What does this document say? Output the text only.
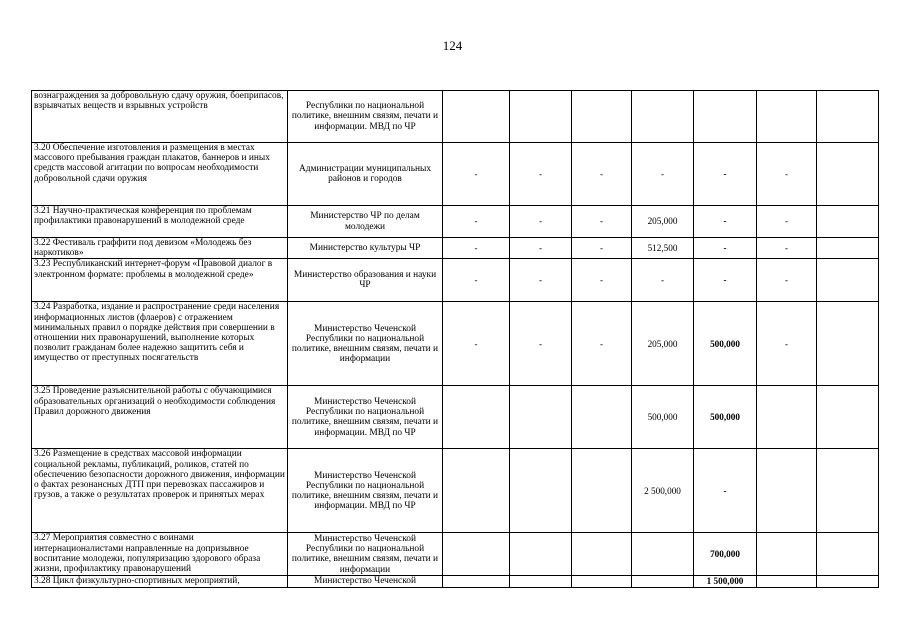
124
вознаграждения за добровольную сдачу оружия, боеприпасов, взрывчатых веществ и взрывных устройств	Республики по национальной политике, внешним связям, печати и информации. МВД по ЧР							
3.20 Обеспечение изготовления и размещения в местах массового пребывания граждан плакатов, баннеров и иных средств массовой агитации по вопросам необходимости добровольной сдачи оружия	Администрации муниципальных районов и городов	-	-	-	-	-	-	
3.21 Научно-практическая конференция по проблемам профилактики правонарушений в молодежной среде	Министерство ЧР по делам молодежи	-	-	-	205,000	-	-	
3.22 Фестиваль граффити под девизом «Молодежь без наркотиков»	Министерство культуры ЧР	-	-	-	512,500	-	-	
3.23 Республиканский интернет-форум «Правовой диалог в электронном формате: проблемы в молодежной среде»	Министерство образования и науки ЧР	-	-	-	-	-	-	
3.24 Разработка, издание и распространение среди населения информационных листов (флаеров) с отражением минимальных правил о порядке действия при совершении в отношении них правонарушений, выполнение которых позволит гражданам более надежно защитить себя и имущество от преступных посягательств	Министерство Чеченской Республики по национальной политике, внешним связям, печати и информации	-	-	-	205,000	500,000	-	
3.25 Проведение разъяснительной работы с обучающимися образовательных организаций о необходимости соблюдения Правил дорожного движения	Министерство Чеченской Республики по национальной политике, внешним связям, печати и информации. МВД по ЧР				500,000	500,000		
3.26 Размещение в средствах массовой информации социальной рекламы, публикаций, роликов, статей по обеспечению безопасности дорожного движения, информации о фактах резонансных ДТП при перевозках пассажиров и грузов, а также о результатах проверок и принятых мерах	Министерство Чеченской Республики по национальной политике, внешним связям, печати и информации. МВД по ЧР				2 500,000	-		
3.27 Мероприятия совместно с воинами интернационалистами направленные на допризывное воспитание молодежи, популяризацию здорового образа жизни, профилактику правонарушений	Министерство Чеченской Республики по национальной политике, внешним связям, печати и информации					700,000		
3.28 Цикл физкультурно-спортивных мероприятий,	Министерство Чеченской					1 500,000		
